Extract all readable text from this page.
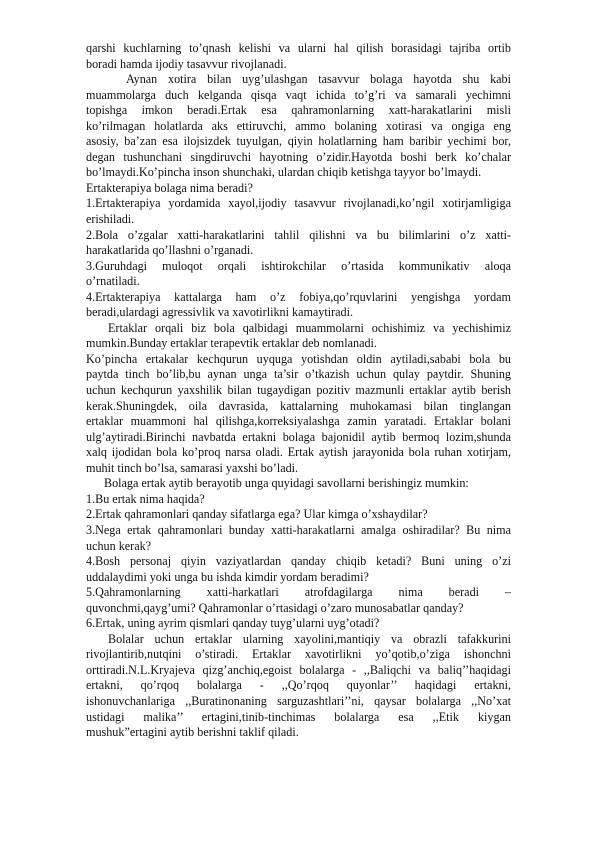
qarshi kuchlarning to’qnash kelishi va ularni hal qilish borasidagi tajriba ortib
boradi hamda ijodiy tasavvur rivojlanadi.
Aynan xotira bilan uyg’ulashgan tasavvur bolaga hayotda shu kabi
muammolarga duch kelganda qisqa vaqt ichida to’g’ri va samarali yechimni
topishga imkon beradi.Ertak esa qahramonlarning xatt-harakatlarini misli
ko’rilmagan holatlarda aks ettiruvchi, ammo bolaning xotirasi va ongiga eng
asosiy, ba’zan esa ilojsizdek tuyulgan, qiyin holatlarning ham baribir yechimi bor,
degan tushunchani singdiruvchi hayotning o’zidir.Hayotda boshi berk ko’chalar
bo’lmaydi.Ko’pincha inson shunchaki, ulardan chiqib ketishga tayyor bo’lmaydi.
Ertakterapiya bolaga nima beradi?
1.Ertakterapiya yordamida xayol,ijodiy tasavvur rivojlanadi,ko’ngil xotirjamligiga
erishiladi.
2.Bola o’zgalar xatti-harakatlarini tahlil qilishni va bu bilimlarini o’z xatti-
harakatlarida qo’llashni o’rganadi.
3.Guruhdagi muloqot orqali ishtirokchilar o’rtasida kommunikativ aloqa
o’rnatiladi.
4.Ertakterapiya kattalarga ham o’z fobiya,qo’rquvlarini yengishga yordam
beradi,ulardagi agressivlik va xavotirlikni kamaytiradi.
Ertaklar orqali biz bola qalbidagi muammolarni ochishimiz va yechishimiz
mumkin.Bunday ertaklar terapevtik ertaklar deb nomlanadi.
Ko’pincha ertakalar kechqurun uyquga yotishdan oldin aytiladi,sababi bola bu
paytda tinch bo’lib,bu aynan unga ta’sir o’tkazish uchun qulay paytdir. Shuning
uchun kechqurun yaxshilik bilan tugaydigan pozitiv mazmunli ertaklar aytib berish
kerak.Shuningdek, oila davrasida, kattalarning muhokamasi bilan tinglangan
ertaklar muammoni hal qilishga,korreksiyalashga zamin yaratadi. Ertaklar bolani
ulg’aytiradi.Birinchi navbatda ertakni bolaga bajonidil aytib bermoq lozim,shunda
xalq ijodidan bola ko’proq narsa oladi. Ertak aytish jarayonida bola ruhan xotirjam,
muhit tinch bo’lsa, samarasi yaxshi bo’ladi.
Bolaga ertak aytib berayotib unga quyidagi savollarni berishingiz mumkin:
1.Bu ertak nima haqida?
2.Ertak qahramonlari qanday sifatlarga ega? Ular kimga o’xshaydilar?
3.Nega ertak qahramonlari bunday xatti-harakatlarni amalga oshiradilar? Bu nima
uchun kerak?
4.Bosh personaj qiyin vaziyatlardan qanday chiqib ketadi? Buni uning o’zi
uddalaydimi yoki unga bu ishda kimdir yordam beradimi?
5.Qahramonlarning xatti-harkatlari atrofdagilarga nima beradi –
quvonchmi,qayg’umi? Qahramonlar o’rtasidagi o’zaro munosabatlar qanday?
6.Ertak, uning ayrim qismlari qanday tuyg’ularni uyg’otadi?
Bolalar uchun ertaklar ularning xayolini,mantiqiy va obrazli tafakkurini
rivojlantirib,nutqini o’stiradi. Ertaklar xavotirlikni yo’qotib,o’ziga ishonchni
orttiradi.N.L.Kryajeva qizg’anchiq,egoist bolalarga - ,,Baliqchi va baliq’’haqidagi
ertakni, qo’rqoq bolalarga - ,,Qo’rqoq quyonlar’’ haqidagi ertakni,
ishonuvchanlariga ,,Buratinonaning sarguzashtlari’’ni, qaysar bolalarga ,,No’xat
ustidagi malika’’ ertagini,tinib-tinchimas bolalarga esa ,,Etik kiygan
mushuk”ertagini aytib berishni taklif qiladi.
